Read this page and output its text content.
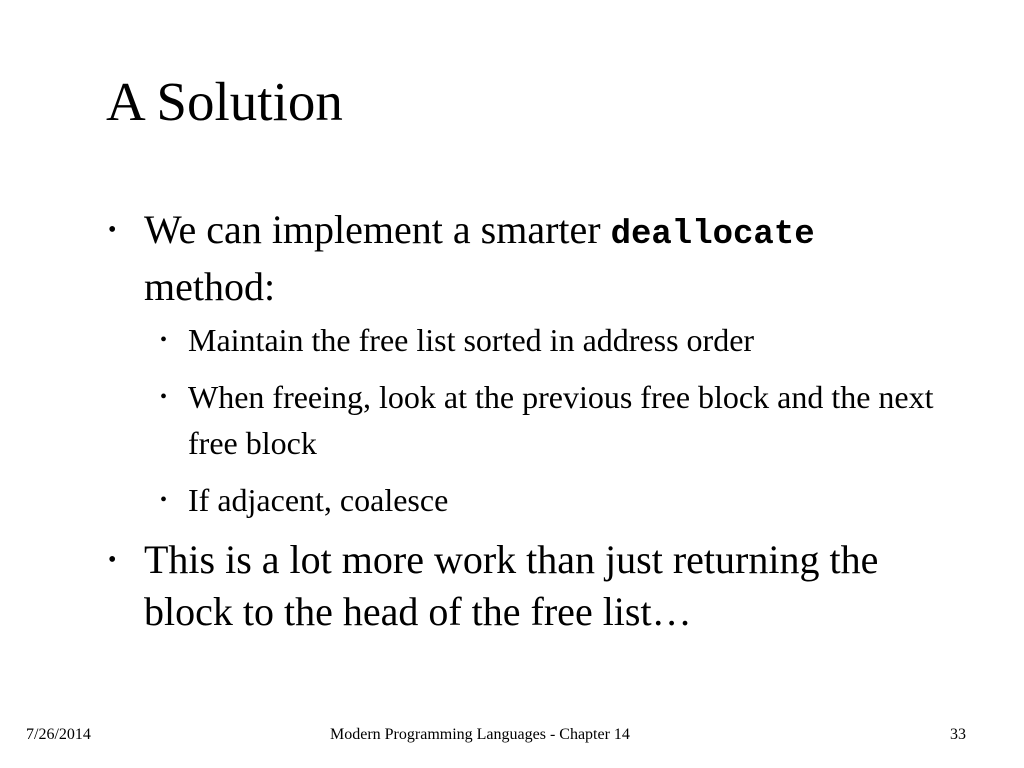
A Solution
• We can implement a smarter deallocate
method:
• Maintain the free list sorted in address order
• When freeing, look at the previous free block and the next free block
• If adjacent, coalesce
• This is a lot more work than just returning the block to the head of the free list…
7/26/2014	Modern Programming Languages - Chapter 14	33
